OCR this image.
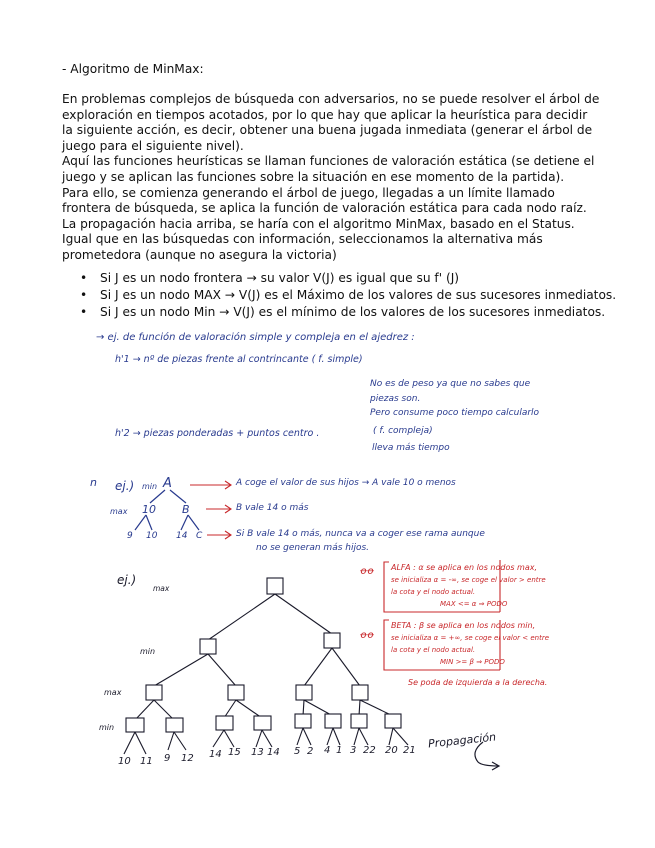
- Algoritmo de MinMax:

En problemas complejos de búsqueda con adversarios, no se puede resolver el árbol de exploración en tiempos acotados, por lo que hay que aplicar la heurística para decidir la siguiente acción, es decir, obtener una buena jugada inmediata (generar el árbol de juego para el siguiente nivel).

Aquí las funciones heurísticas se llaman funciones de valoración estática (se detiene el juego y se aplican las funciones sobre la situación en ese momento de la partida).

Para ello, se comienza generando el árbol de juego, llegadas a un límite llamado frontera de búsqueda, se aplica la función de valoración estática para cada nodo raíz.

La propagación hacia arriba, se haría con el algoritmo MinMax, basado en el Status. Igual que en las búsquedas con información, seleccionamos la alternativa más prometedora (aunque no asegura la victoria)

• Si J es un nodo frontera → su valor V(J) es igual que su f' (J)
• Si J es un nodo MAX → V(J) es el Máximo de los valores de sus sucesores inmediatos.
• Si J es un nodo Min → V(J) es el mínimo de los valores de los sucesores inmediatos.
→ ej. de función de valoración simple y compleja en el ajedrez :
h'1 → nº de piezas frente al contrincante ( f. simple)
No es de peso ya que no sabes que
piezas son.
Pero consume poco tiempo calcularlo
h'2 → piezas ponderadas + puntos centro .	( f. compleja)
lleva más tiempo
n ej.) min A
max 10 B
9 10 14 C
A coge el valor de sus hijos → A vale 10 o menos
B vale 14 o más
Si B vale 14 o más, nunca va a coger ese rama aunque
no se generan más hijos.
ej.)
max
min
max
min
10 11 9 12 14 15 13 14 5 2 4 1 3 22 20 21
ꝋꝋ ALFA : α se aplica en los nodos max,
se inicializa α = -∞, se coge el valor > entre
la cota y el nodo actual.
MAX <= α ⇒ PODO
ꝋꝋ
BETA : β se aplica en los nodos min,
se inicializa α = +∞, se coge el valor < entre
la cota y el nodo actual.
MIN >= β ⇒ PODO
Se poda de izquierda a la derecha.
Propagación
